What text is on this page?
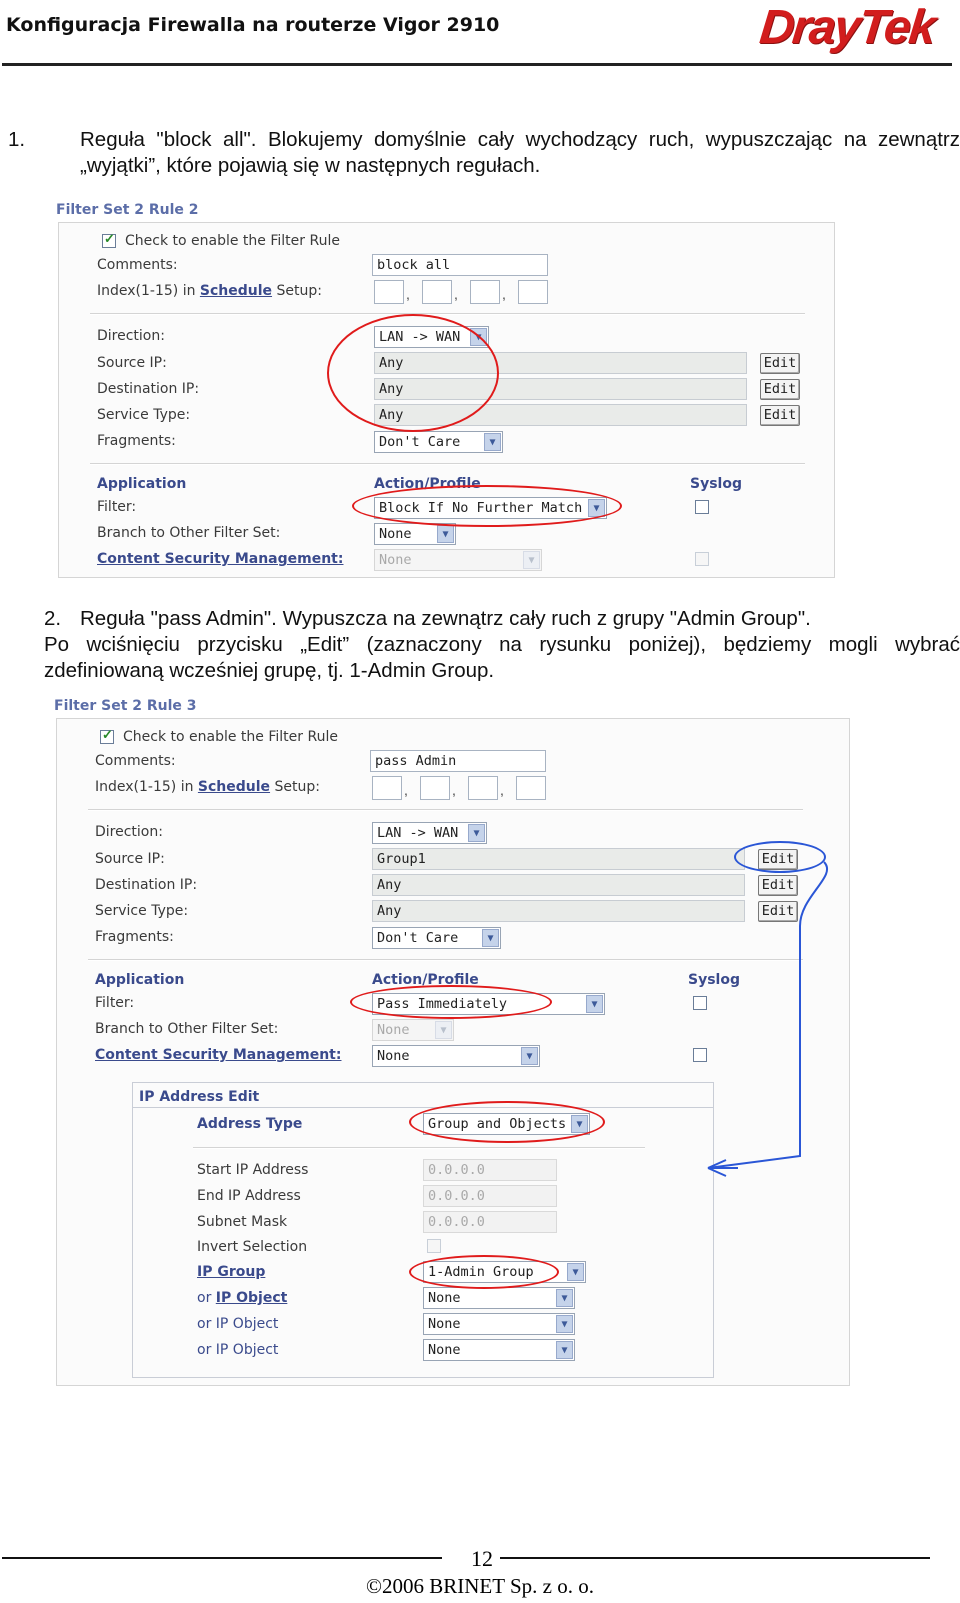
Konfiguracja Firewalla na routerze Vigor 2910	DrayTek
1.	Reguła "block all". Blokujemy domyślnie cały wychodzący ruch, wypuszczając na zewnątrz „wyjątki”, które pojawią się w następnych regułach.
Filter Set 2 Rule 2
✓
Check to enable the Filter Rule
Comments:	block all
Index(1-15) in Schedule Setup:	,	,	,
Direction:	LAN -> WAN	▼
Source IP:	Any	Edit
Destination IP:	Any	Edit
Service Type:	Any	Edit
Fragments:	Don't Care	▼
Application	Action/Profile	Syslog
Filter:	Block If No Further Match	▼
Branch to Other Filter Set:	None	▼
Content Security Management:	None	▼
2. Reguła "pass Admin". Wypuszcza na zewnątrz cały ruch z grupy "Admin Group".
Po wciśnięciu przycisku „Edit” (zaznaczony na rysunku poniżej), będziemy mogli wybrać
zdefiniowaną wcześniej grupę, tj. 1-Admin Group.
Filter Set 2 Rule 3
✓
Check to enable the Filter Rule
Comments:	pass Admin
Index(1-15) in Schedule Setup:	,	,	,
Direction:	LAN -> WAN	▼
Source IP:	Group1	Edit
Destination IP:	Any	Edit
Service Type:	Any	Edit
Fragments:	Don't Care	▼
Application	Action/Profile	Syslog
Filter:	Pass Immediately	▼
Branch to Other Filter Set:	None	▼
Content Security Management:	None	▼
IP Address Edit
Address Type	Group and Objects	▼
Start IP Address	0.0.0.0
End IP Address	0.0.0.0
Subnet Mask	0.0.0.0
Invert Selection
IP Group	1-Admin Group	▼
or IP Object	None	▼
or IP Object	None	▼
or IP Object	None	▼
12
©2006 BRINET Sp. z o. o.
